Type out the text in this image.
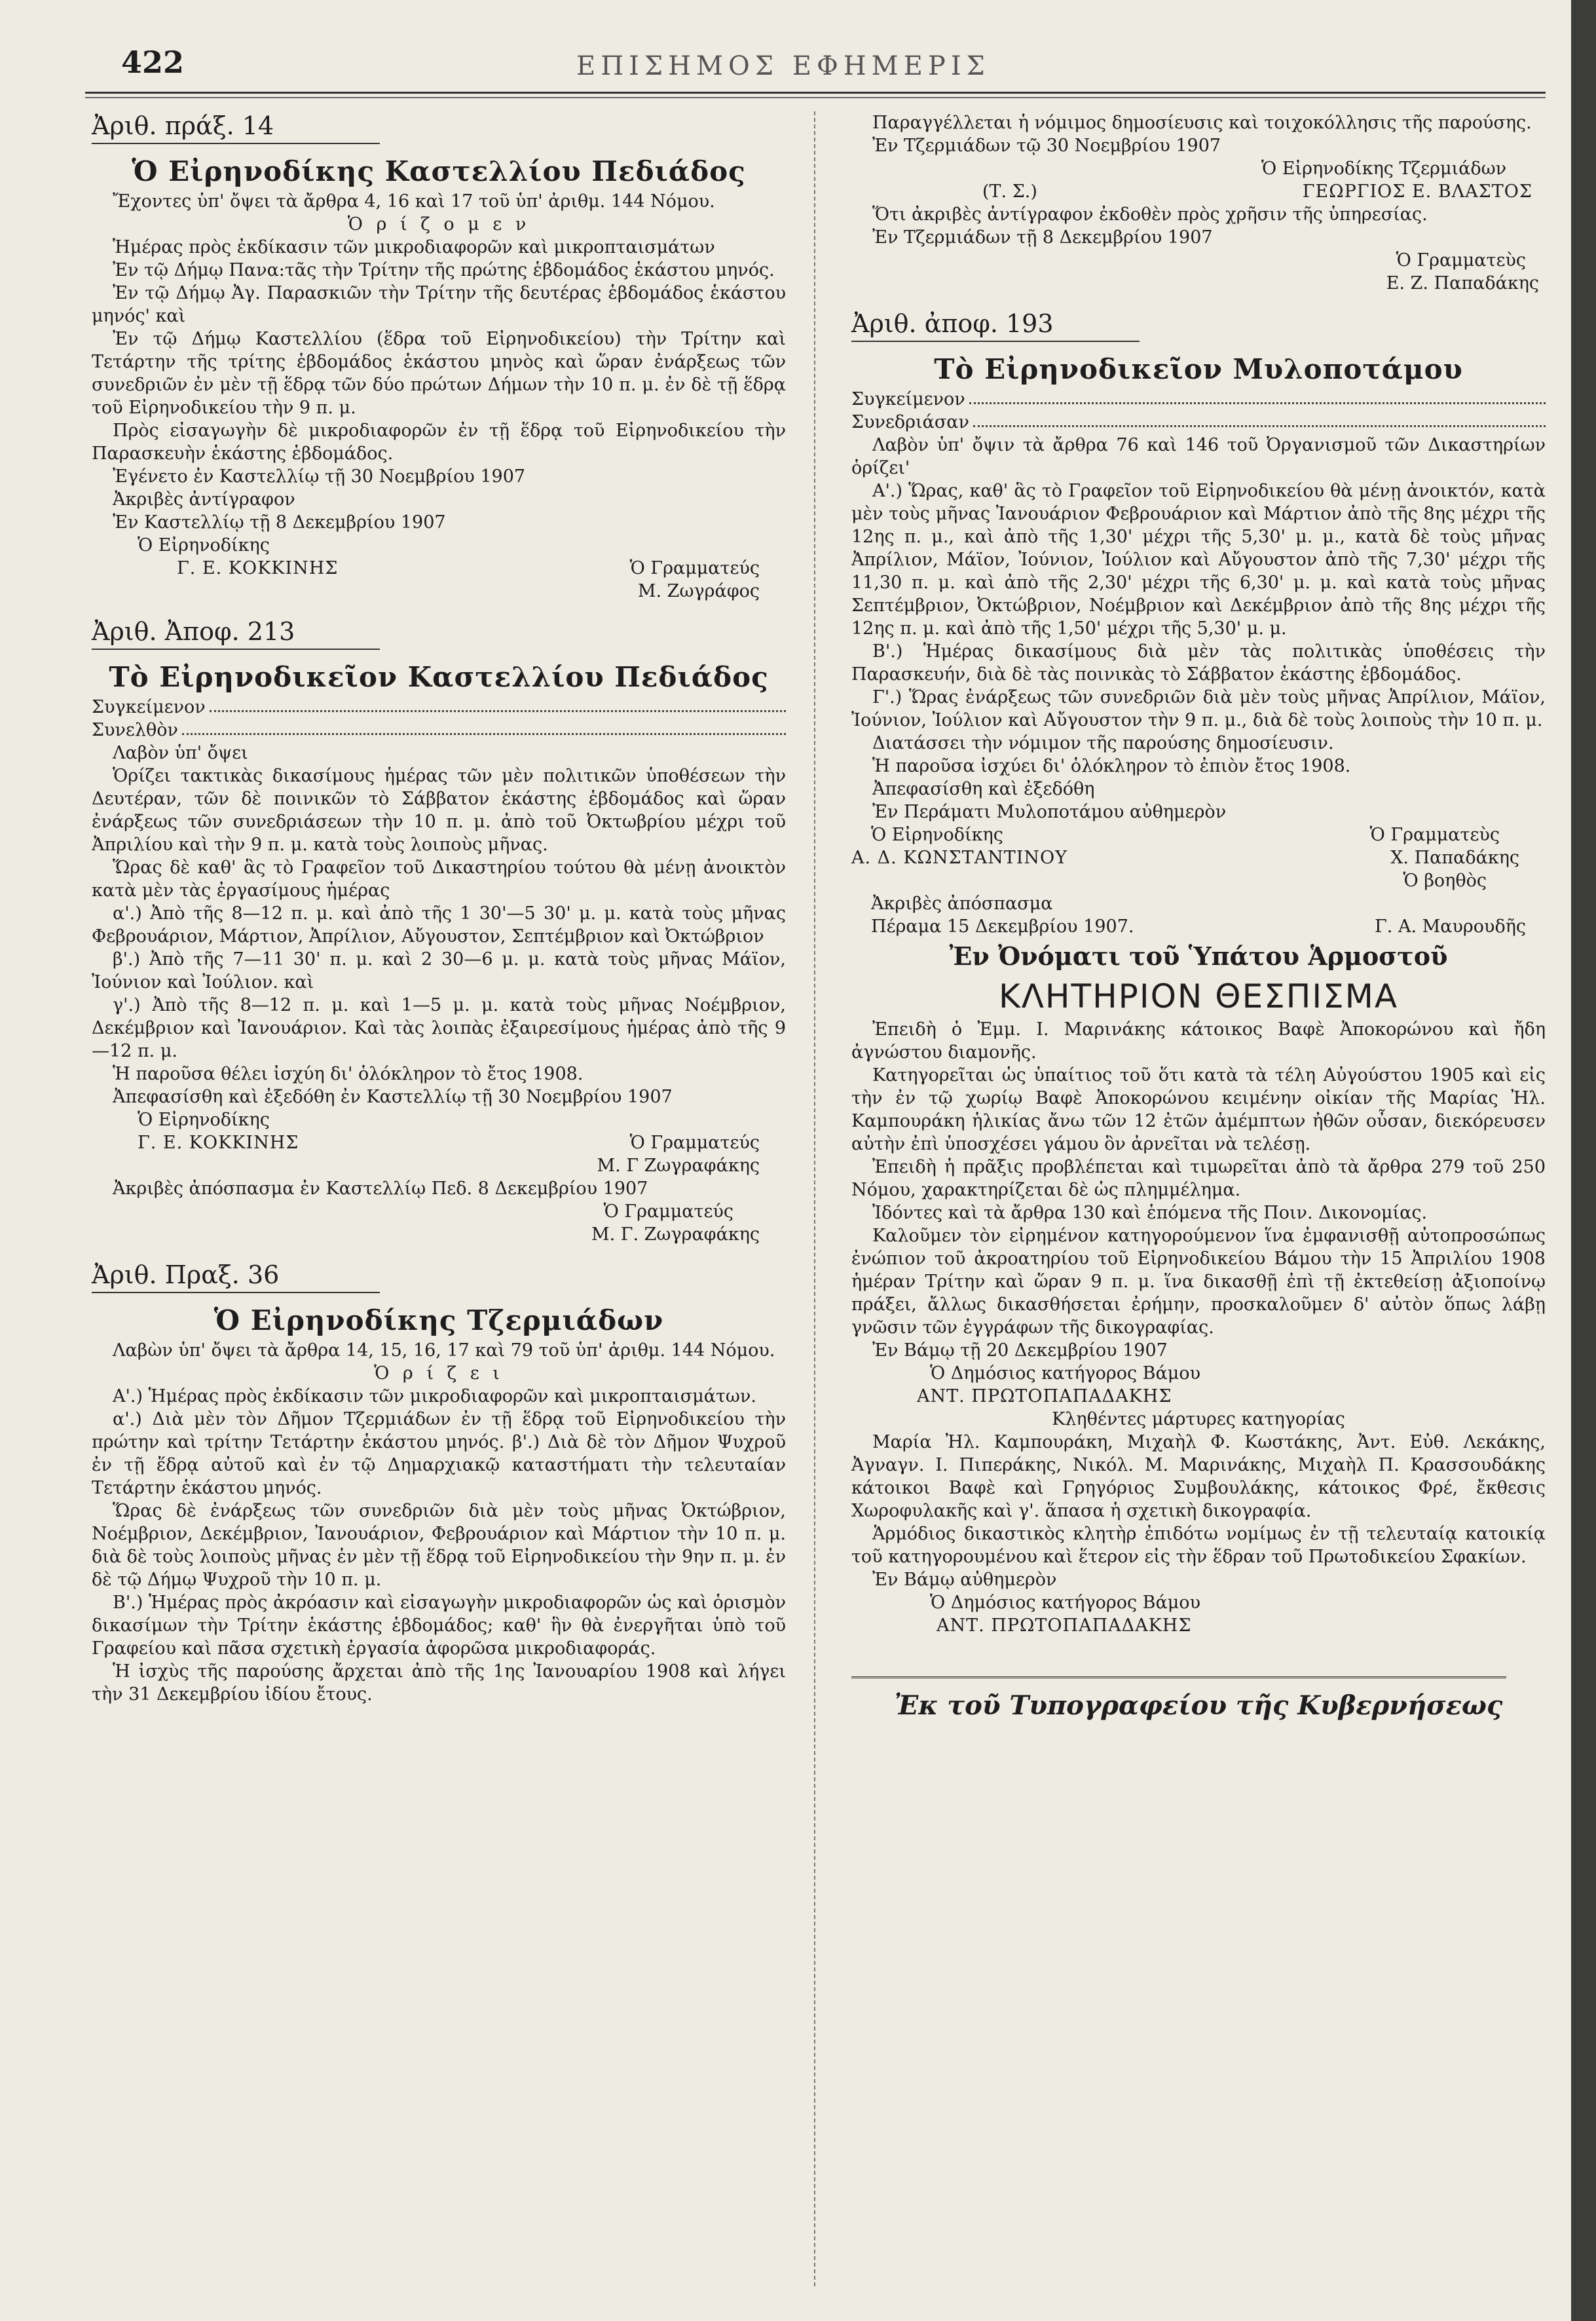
422	ΕΠΙΣΗΜΟΣ ΕΦΗΜΕΡΙΣ

Ἀριθ. πράξ. 14

Ὁ Εἰρηνοδίκης Καστελλίου Πεδιάδος

Ἔχοντες ὑπ' ὄψει τὰ ἄρθρα 4, 16 καὶ 17 τοῦ ὑπ' ἀριθμ. 144 Νόμου.

Ὁ ρ ί ζ ο μ ε ν

Ἡμέρας πρὸς ἐκδίκασιν τῶν μικροδιαφορῶν καὶ μικροπταισμάτων

Ἐν τῷ Δήμῳ Πανα:τᾶς τὴν Τρίτην τῆς πρώτης ἑβδομάδος ἑκάστου μηνός.

Ἐν τῷ Δήμῳ Ἀγ. Παρασκιῶν τὴν Τρίτην τῆς δευτέρας ἑβδομάδος ἑκάστου μηνός' καὶ

Ἐν τῷ Δήμῳ Καστελλίου (ἕδρα τοῦ Εἰρηνοδικείου) τὴν Τρίτην καὶ Τετάρτην τῆς τρίτης ἑβδομάδος ἑκάστου μηνὸς καὶ ὥραν ἐνάρξεως τῶν συνεδριῶν ἐν μὲν τῇ ἕδρᾳ τῶν δύο πρώτων Δήμων τὴν 10 π. μ. ἐν δὲ τῇ ἕδρᾳ τοῦ Εἰρηνοδικείου τὴν 9 π. μ.

Πρὸς εἰσαγωγὴν δὲ μικροδιαφορῶν ἐν τῇ ἕδρᾳ τοῦ Εἰρηνοδικείου τὴν Παρασκευὴν ἑκάστης ἑβδομάδος.

Ἐγένετο ἐν Καστελλίῳ τῇ 30 Νοεμβρίου 1907

Ἀκριβὲς ἀντίγραφον

Ἐν Καστελλίῳ τῇ 8 Δεκεμβρίου 1907

Ὁ Εἰρηνοδίκης

Γ. Ε. ΚΟΚΚΙΝΗΣ	Ὁ Γραμματεύς

Μ. Ζωγράφος

Ἀριθ. Ἀποφ. 213

Τὸ Εἰρηνοδικεῖον Καστελλίου Πεδιάδος

Συγκείμενον
Συνελθὸν

Λαβὸν ὑπ' ὄψει

Ὁρίζει τακτικὰς δικασίμους ἡμέρας τῶν μὲν πολιτικῶν ὑποθέσεων τὴν Δευτέραν, τῶν δὲ ποινικῶν τὸ Σάββατον ἑκάστης ἑβδομάδος καὶ ὥραν ἐνάρξεως τῶν συνεδριάσεων τὴν 10 π. μ. ἀπὸ τοῦ Ὀκτωβρίου μέχρι τοῦ Ἀπριλίου καὶ τὴν 9 π. μ. κατὰ τοὺς λοιποὺς μῆνας.

Ὥρας δὲ καθ' ἃς τὸ Γραφεῖον τοῦ Δικαστηρίου τούτου θὰ μένῃ ἀνοικτὸν κατὰ μὲν τὰς ἐργασίμους ἡμέρας

α'.) Ἀπὸ τῆς 8—12 π. μ. καὶ ἀπὸ τῆς 1 30'—5 30' μ. μ. κατὰ τοὺς μῆνας Φεβρουάριον, Μάρτιον, Ἀπρίλιον, Αὔγουστον, Σεπτέμβριον καὶ Ὀκτώβριον

β'.) Ἀπὸ τῆς 7—11 30' π. μ. καὶ 2 30—6 μ. μ. κατὰ τοὺς μῆνας Μάϊον, Ἰούνιον καὶ Ἰούλιον. καὶ

γ'.) Ἀπὸ τῆς 8—12 π. μ. καὶ 1—5 μ. μ. κατὰ τοὺς μῆνας Νοέμβριον, Δεκέμβριον καὶ Ἰανουάριον. Καὶ τὰς λοιπὰς ἐξαιρεσίμους ἡμέρας ἀπὸ τῆς 9—12 π. μ.

Ἡ παροῦσα θέλει ἰσχύη δι' ὁλόκληρον τὸ ἔτος 1908.

Ἀπεφασίσθη καὶ ἐξεδόθη ἐν Καστελλίῳ τῇ 30 Νοεμβρίου 1907

Ὁ Εἰρηνοδίκης

Γ. Ε. ΚΟΚΚΙΝΗΣ	Ὁ Γραμματεύς

Μ. Γ Ζωγραφάκης

Ἀκριβὲς ἀπόσπασμα ἐν Καστελλίῳ Πεδ. 8 Δεκεμβρίου 1907

Ὁ Γραμματεύς

Μ. Γ. Ζωγραφάκης

Ἀριθ. Πραξ. 36

Ὁ Εἰρηνοδίκης Τζερμιάδων

Λαβὼν ὑπ' ὄψει τὰ ἄρθρα 14, 15, 16, 17 καὶ 79 τοῦ ὑπ' ἀριθμ. 144 Νόμου.

Ὁ ρ ί ζ ε ι

Α'.) Ἡμέρας πρὸς ἐκδίκασιν τῶν μικροδιαφορῶν καὶ μικροπταισμάτων.

α'.) Διὰ μὲν τὸν Δῆμον Τζερμιάδων ἐν τῇ ἕδρᾳ τοῦ Εἰρηνοδικείου τὴν πρώτην καὶ τρίτην Τετάρτην ἑκάστου μηνός. β'.) Διὰ δὲ τὸν Δῆμον Ψυχροῦ ἐν τῇ ἕδρᾳ αὐτοῦ καὶ ἐν τῷ Δημαρχιακῷ καταστήματι τὴν τελευταίαν Τετάρτην ἑκάστου μηνός.

Ὥρας δὲ ἐνάρξεως τῶν συνεδριῶν διὰ μὲν τοὺς μῆνας Ὀκτώβριον, Νοέμβριον, Δεκέμβριον, Ἰανουάριον, Φεβρουάριον καὶ Μάρτιον τὴν 10 π. μ. διὰ δὲ τοὺς λοιποὺς μῆνας ἐν μὲν τῇ ἕδρᾳ τοῦ Εἰρηνοδικείου τὴν 9ην π. μ. ἐν δὲ τῷ Δήμῳ Ψυχροῦ τὴν 10 π. μ.

Β'.) Ἡμέρας πρὸς ἀκρόασιν καὶ εἰσαγωγὴν μικροδιαφορῶν ὡς καὶ ὁρισμὸν δικασίμων τὴν Τρίτην ἑκάστης ἑβδομάδος; καθ' ἣν θὰ ἐνεργῆται ὑπὸ τοῦ Γραφείου καὶ πᾶσα σχετικὴ ἐργασία ἀφορῶσα μικροδιαφοράς.

Ἡ ἰσχὺς τῆς παρούσης ἄρχεται ἀπὸ τῆς 1ης Ἰανουαρίου 1908 καὶ λήγει τὴν 31 Δεκεμβρίου ἰδίου ἔτους.

Παραγγέλλεται ἡ νόμιμος δημοσίευσις καὶ τοιχοκόλλησις τῆς παρούσης.

Ἐν Τζερμιάδων τῷ 30 Νοεμβρίου 1907

Ὁ Εἰρηνοδίκης Τζερμιάδων

(Τ. Σ.)	ΓΕΩΡΓΙΟΣ Ε. ΒΛΑΣΤΟΣ

Ὅτι ἀκριβὲς ἀντίγραφον ἐκδοθὲν πρὸς χρῆσιν τῆς ὑπηρεσίας.

Ἐν Τζερμιάδων τῇ 8 Δεκεμβρίου 1907

Ὁ Γραμματεὺς

Ε. Ζ. Παπαδάκης

Ἀριθ. ἀποφ. 193

Τὸ Εἰρηνοδικεῖον Μυλοποτάμου

Συγκείμενον
Συνεδριάσαν

Λαβὸν ὑπ' ὄψιν τὰ ἄρθρα 76 καὶ 146 τοῦ Ὀργανισμοῦ τῶν Δικαστηρίων ὁρίζει'

Α'.) Ὥρας, καθ' ἃς τὸ Γραφεῖον τοῦ Εἰρηνοδικείου θὰ μένῃ ἀνοικτόν, κατὰ μὲν τοὺς μῆνας Ἰανουάριον Φεβρουάριον καὶ Μάρτιον ἀπὸ τῆς 8ης μέχρι τῆς 12ης π. μ., καὶ ἀπὸ τῆς 1,30' μέχρι τῆς 5,30' μ. μ., κατὰ δὲ τοὺς μῆνας Ἀπρίλιον, Μάϊον, Ἰούνιον, Ἰούλιον καὶ Αὔγουστον ἀπὸ τῆς 7,30' μέχρι τῆς 11,30 π. μ. καὶ ἀπὸ τῆς 2,30' μέχρι τῆς 6,30' μ. μ. καὶ κατὰ τοὺς μῆνας Σεπτέμβριον, Ὀκτώβριον, Νοέμβριον καὶ Δεκέμβριον ἀπὸ τῆς 8ης μέχρι τῆς 12ης π. μ. καὶ ἀπὸ τῆς 1,50' μέχρι τῆς 5,30' μ. μ.

Β'.) Ἡμέρας δικασίμους διὰ μὲν τὰς πολιτικὰς ὑποθέσεις τὴν Παρασκευήν, διὰ δὲ τὰς ποινικὰς τὸ Σάββατον ἑκάστης ἑβδομάδος.

Γ'.) Ὥρας ἐνάρξεως τῶν συνεδριῶν διὰ μὲν τοὺς μῆνας Ἀπρίλιον, Μάϊον, Ἰούνιον, Ἰούλιον καὶ Αὔγουστον τὴν 9 π. μ., διὰ δὲ τοὺς λοιποὺς τὴν 10 π. μ.

Διατάσσει τὴν νόμιμον τῆς παρούσης δημοσίευσιν.

Ἡ παροῦσα ἰσχύει δι' ὁλόκληρον τὸ ἐπιὸν ἔτος 1908.

Ἀπεφασίσθη καὶ ἐξεδόθη

Ἐν Περάματι Μυλοποτάμου αὐθημερὸν

Ὁ Εἰρηνοδίκης	Ὁ Γραμματεὺς
Α. Δ. ΚΩΝΣΤΑΝΤΙΝΟΥ	Χ. Παπαδάκης

Ὁ βοηθὸς

Ἀκριβὲς ἀπόσπασμα

Πέραμα 15 Δεκεμβρίου 1907.	Γ. Α. Μαυρουδῆς

Ἐν Ὀνόματι τοῦ Ὑπάτου Ἁρμοστοῦ

ΚΛΗΤΗΡΙΟΝ ΘΕΣΠΙΣΜΑ

Ἐπειδὴ ὁ Ἐμμ. Ι. Μαρινάκης κάτοικος Βαφὲ Ἀποκορώνου καὶ ἤδη ἀγνώστου διαμονῆς.

Κατηγορεῖται ὡς ὑπαίτιος τοῦ ὅτι κατὰ τὰ τέλη Αὐγούστου 1905 καὶ εἰς τὴν ἐν τῷ χωρίῳ Βαφὲ Ἀποκορώνου κειμένην οἰκίαν τῆς Μαρίας Ἠλ. Καμπουράκη ἡλικίας ἄνω τῶν 12 ἐτῶν ἀμέμπτων ἠθῶν οὖσαν, διεκόρευσεν αὐτὴν ἐπὶ ὑποσχέσει γάμου ὃν ἀρνεῖται νὰ τελέσῃ.

Ἐπειδὴ ἡ πρᾶξις προβλέπεται καὶ τιμωρεῖται ἀπὸ τὰ ἄρθρα 279 τοῦ 250 Νόμου, χαρακτηρίζεται δὲ ὡς πλημμέλημα.

Ἰδόντες καὶ τὰ ἄρθρα 130 καὶ ἑπόμενα τῆς Ποιν. Δικονομίας.

Καλοῦμεν τὸν εἰρημένον κατηγορούμενον ἵνα ἐμφανισθῇ αὐτοπροσώπως ἐνώπιον τοῦ ἀκροατηρίου τοῦ Εἰρηνοδικείου Βάμου τὴν 15 Ἀπριλίου 1908 ἡμέραν Τρίτην καὶ ὥραν 9 π. μ. ἵνα δικασθῇ ἐπὶ τῇ ἐκτεθείσῃ ἀξιοποίνῳ πράξει, ἄλλως δικασθήσεται ἐρήμην, προσκαλοῦμεν δ' αὐτὸν ὅπως λάβῃ γνῶσιν τῶν ἐγγράφων τῆς δικογραφίας.

Ἐν Βάμῳ τῇ 20 Δεκεμβρίου 1907

Ὁ Δημόσιος κατήγορος Βάμου

ΑΝΤ. ΠΡΩΤΟΠΑΠΑΔΑΚΗΣ

Κληθέντες μάρτυρες κατηγορίας

Μαρία Ἠλ. Καμπουράκη, Μιχαὴλ Φ. Κωστάκης, Ἀντ. Εὐθ. Λεκάκης, Ἀγναγν. Ι. Πιπεράκης, Νικόλ. Μ. Μαρινάκης, Μιχαὴλ Π. Κρασσουδάκης κάτοικοι Βαφὲ καὶ Γρηγόριος Συμβουλάκης, κάτοικος Φρέ, ἔκθεσις Χωροφυλακῆς καὶ γ'. ἅπασα ἡ σχετικὴ δικογραφία.

Ἁρμόδιος δικαστικὸς κλητὴρ ἐπιδότω νομίμως ἐν τῇ τελευταίᾳ κατοικίᾳ τοῦ κατηγορουμένου καὶ ἕτερον εἰς τὴν ἕδραν τοῦ Πρωτοδικείου Σφακίων.

Ἐν Βάμῳ αὐθημερὸν

Ὁ Δημόσιος κατήγορος Βάμου

ΑΝΤ. ΠΡΩΤΟΠΑΠΑΔΑΚΗΣ

Ἐκ τοῦ Τυπογραφείου τῆς Κυβερνήσεως
